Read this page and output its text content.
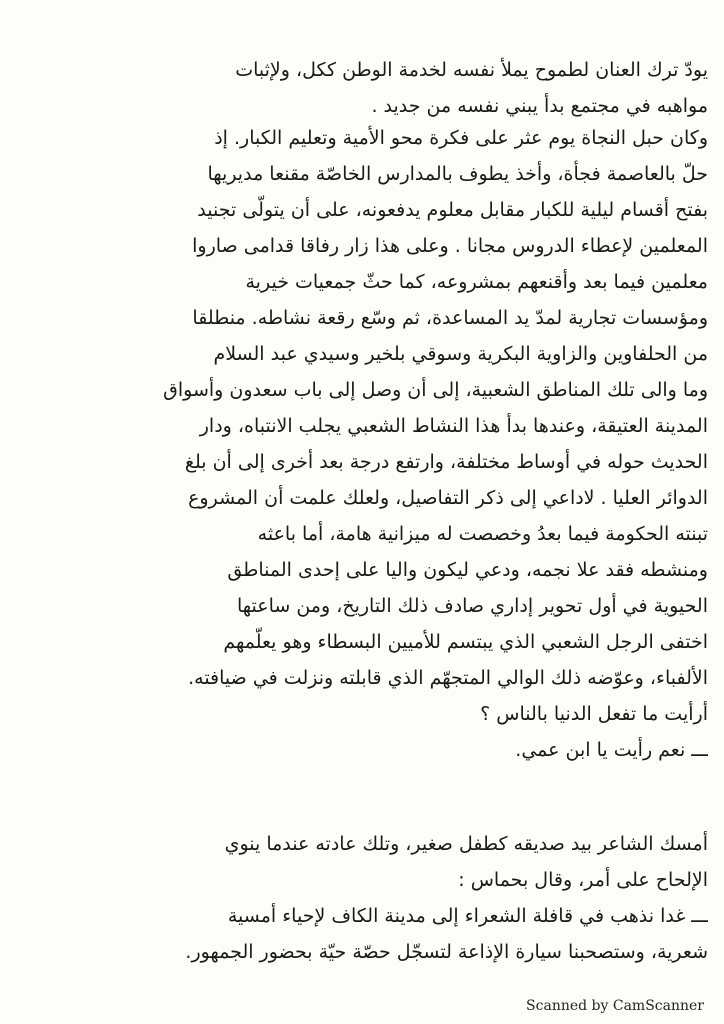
يودّ ترك العنان لطموح يملأ نفسه لخدمة الوطن ككل، ولإثبات
مواهبه في مجتمع بدأ يبني نفسه من جديد .
وكان حبل النجاة يوم عثر على فكرة محو الأمية وتعليم الكبار. إذ
حلّ بالعاصمة فجأة، وأخذ يطوف بالمدارس الخاصّة مقنعا مديريها
بفتح أقسام ليلية للكبار مقابل معلوم يدفعونه، على أن يتولّى تجنيد
المعلمين لإعطاء الدروس مجانا . وعلى هذا زار رفاقا قدامى صاروا
معلمين فيما بعد وأقنعهم بمشروعه، كما حثّ جمعيات خيرية
ومؤسسات تجارية لمدّ يد المساعدة، ثم وسّع رقعة نشاطه. منطلقا
من الحلفاوين والزاوية البكرية وسوقي بلخير وسيدي عبد السلام
وما والى تلك المناطق الشعبية، إلى أن وصل إلى باب سعدون وأسواق
المدينة العتيقة، وعندها بدأ هذا النشاط الشعبي يجلب الانتباه، ودار
الحديث حوله في أوساط مختلفة، وارتفع درجة بعد أخرى إلى أن بلغ
الدوائر العليا . لاداعي إلى ذكر التفاصيل، ولعلك علمت أن المشروع
تبنته الحكومة فيما بعدُ وخصصت له ميزانية هامة، أما باعثه
ومنشطه فقد علا نجمه، ودعي ليكون واليا على إحدى المناطق
الحيوية في أول تحوير إداري صادف ذلك التاريخ، ومن ساعتها
اختفى الرجل الشعبي الذي يبتسم للأميين البسطاء وهو يعلّمهم
الألفباء، وعوّضه ذلك الوالي المتجهّم الذي قابلته ونزلت في ضيافته.
أرأيت ما تفعل الدنيا بالناس ؟
ـــ نعم رأيت يا ابن عمي.
أمسك الشاعر بيد صديقه كطفل صغير، وتلك عادته عندما ينوي
الإلحاح على أمر، وقال بحماس :
ـــ غدا نذهب في قافلة الشعراء إلى مدينة الكاف لإحياء أمسية
شعرية، وستصحبنا سيارة الإذاعة لتسجّل حصّة حيّة بحضور الجمهور.
Scanned by CamScanner
